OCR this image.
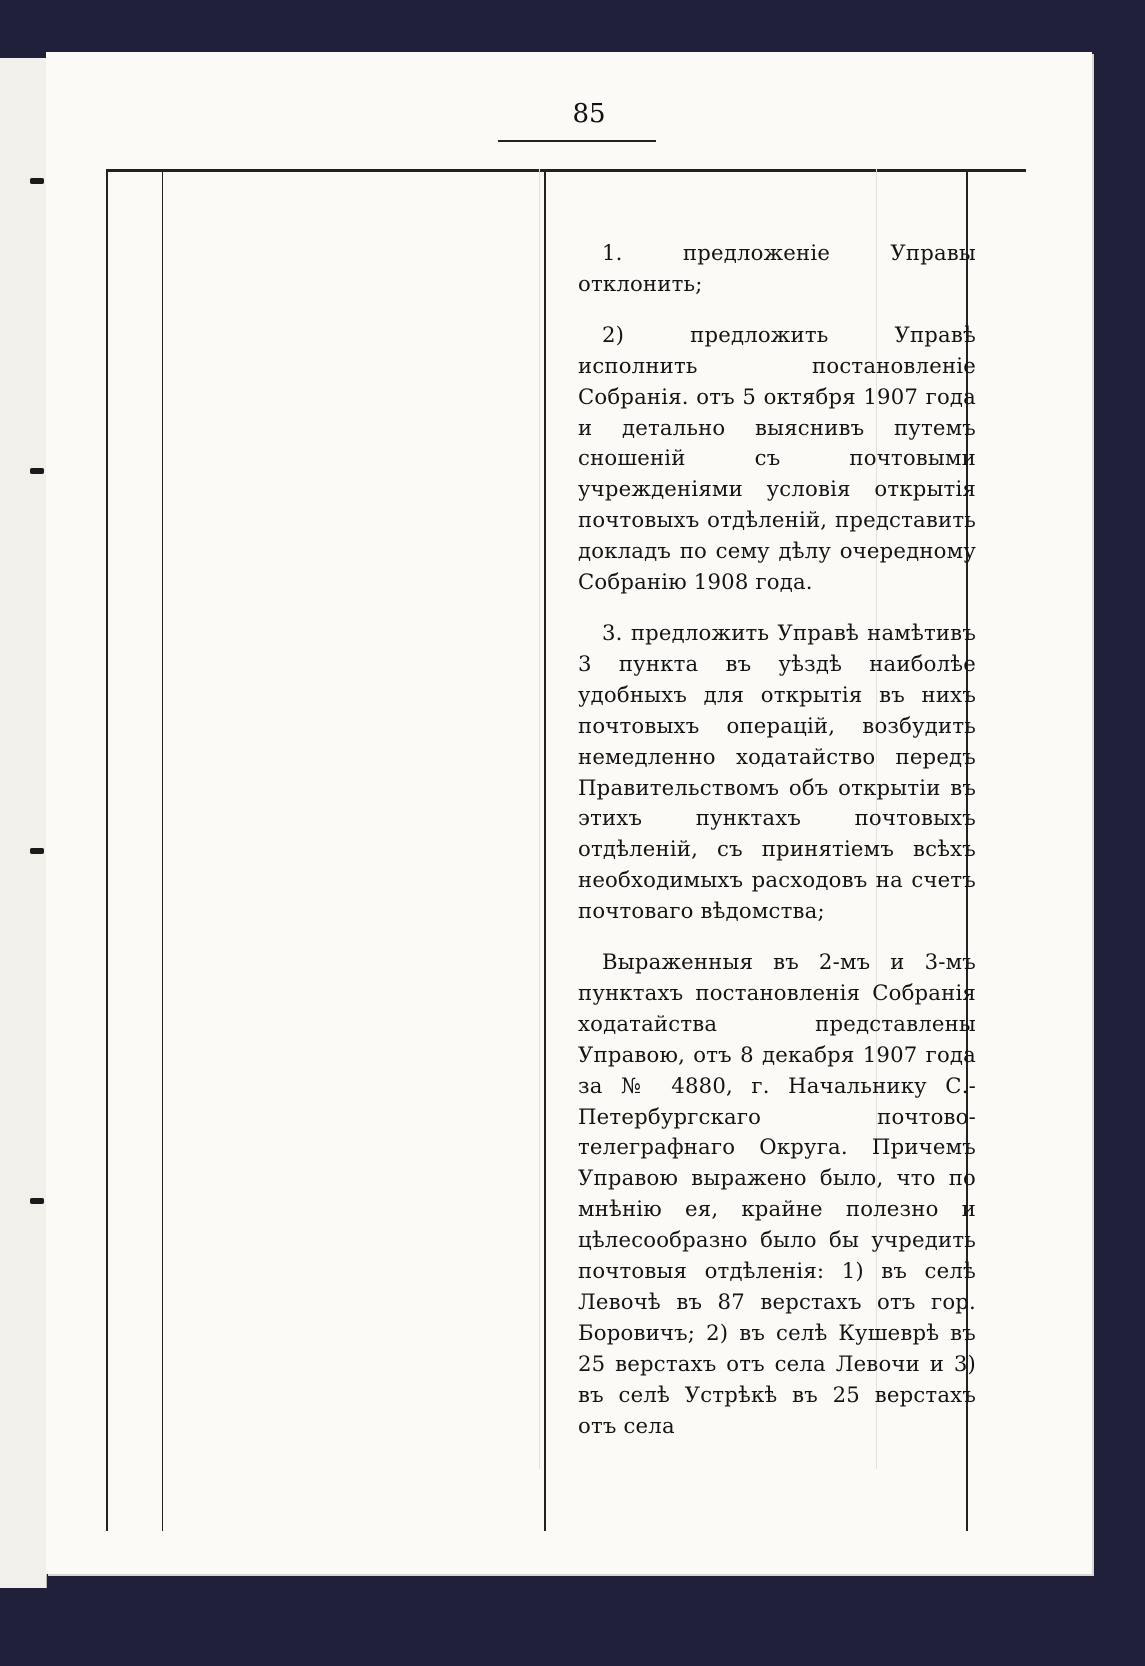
85

1. предложеніе Управы отклонить;

2) предложить Управѣ исполнить постановленіе Собранія. отъ 5 октября 1907 года и детально выяснивъ путемъ сношеній съ почтовыми учрежденіями условія открытія почтовыхъ отдѣленій, представить докладъ по сему дѣлу очередному Собранію 1908 года.

3. предложить Управѣ намѣтивъ 3 пункта въ уѣздѣ наиболѣе удобныхъ для открытія въ нихъ почтовыхъ операцій, возбудить немедленно ходатайство передъ Правительствомъ объ открытіи въ этихъ пунктахъ почтовыхъ отдѣленій, съ принятіемъ всѣхъ необходимыхъ расходовъ на счетъ почтоваго вѣдомства;

Выраженныя въ 2-мъ и 3-мъ пунктахъ постановленія Собранія ходатайства представлены Управою, отъ 8 декабря 1907 года за № 4880, г. Начальнику С.-Петербургскаго почтово-телеграфнаго Округа. Причемъ Управою выражено было, что по мнѣнію ея, крайне полезно и цѣлесообразно было бы учредить почтовыя отдѣленія: 1) въ селѣ Левочѣ въ 87 верстахъ отъ гор. Боровичъ; 2) въ селѣ Кушеврѣ въ 25 верстахъ отъ села Левочи и 3) въ селѣ Устрѣкѣ въ 25 верстахъ отъ села
